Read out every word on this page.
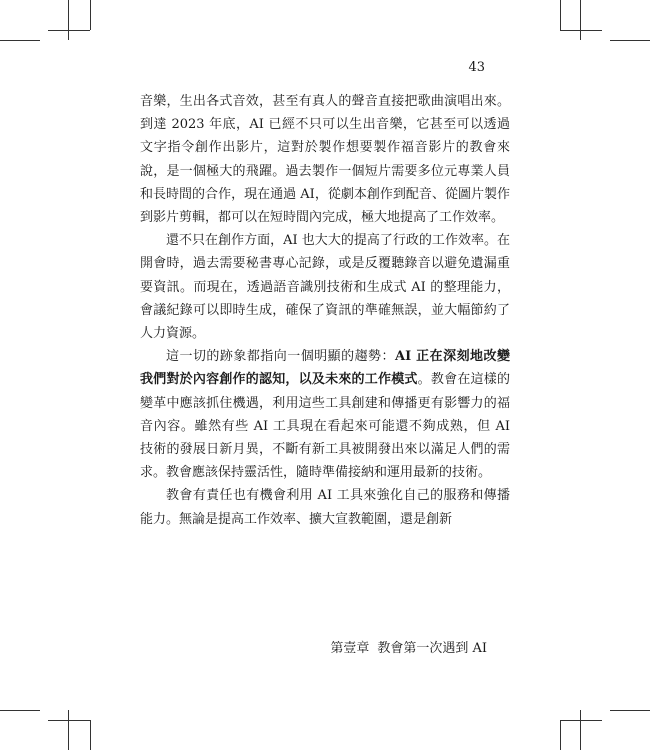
43

音樂，生出各式音效，甚至有真人的聲音直接把歌曲演唱出來。到達 2023 年底，AI 已經不只可以生出音樂，它甚至可以透過文字指令創作出影片，這對於製作想要製作福音影片的教會來說，是一個極大的飛躍。過去製作一個短片需要多位元專業人員和長時間的合作，現在通過 AI，從劇本創作到配音、從圖片製作到影片剪輯，都可以在短時間內完成，極大地提高了工作效率。

還不只在創作方面，AI 也大大的提高了行政的工作效率。在開會時，過去需要秘書專心記錄，或是反覆聽錄音以避免遺漏重要資訊。而現在，透過語音識別技術和生成式 AI 的整理能力，會議紀錄可以即時生成，確保了資訊的準確無誤，並大幅節約了人力資源。

這一切的跡象都指向一個明顯的趨勢：AI 正在深刻地改變我們對於內容創作的認知，以及未來的工作模式。教會在這樣的變革中應該抓住機遇，利用這些工具創建和傳播更有影響力的福音內容。雖然有些 AI 工具現在看起來可能還不夠成熟，但 AI 技術的發展日新月異，不斷有新工具被開發出來以滿足人們的需求。教會應該保持靈活性，隨時準備接納和運用最新的技術。

教會有責任也有機會利用 AI 工具來強化自己的服務和傳播能力。無論是提高工作效率、擴大宣教範圍，還是創新

第壹章 教會第一次遇到 AI
